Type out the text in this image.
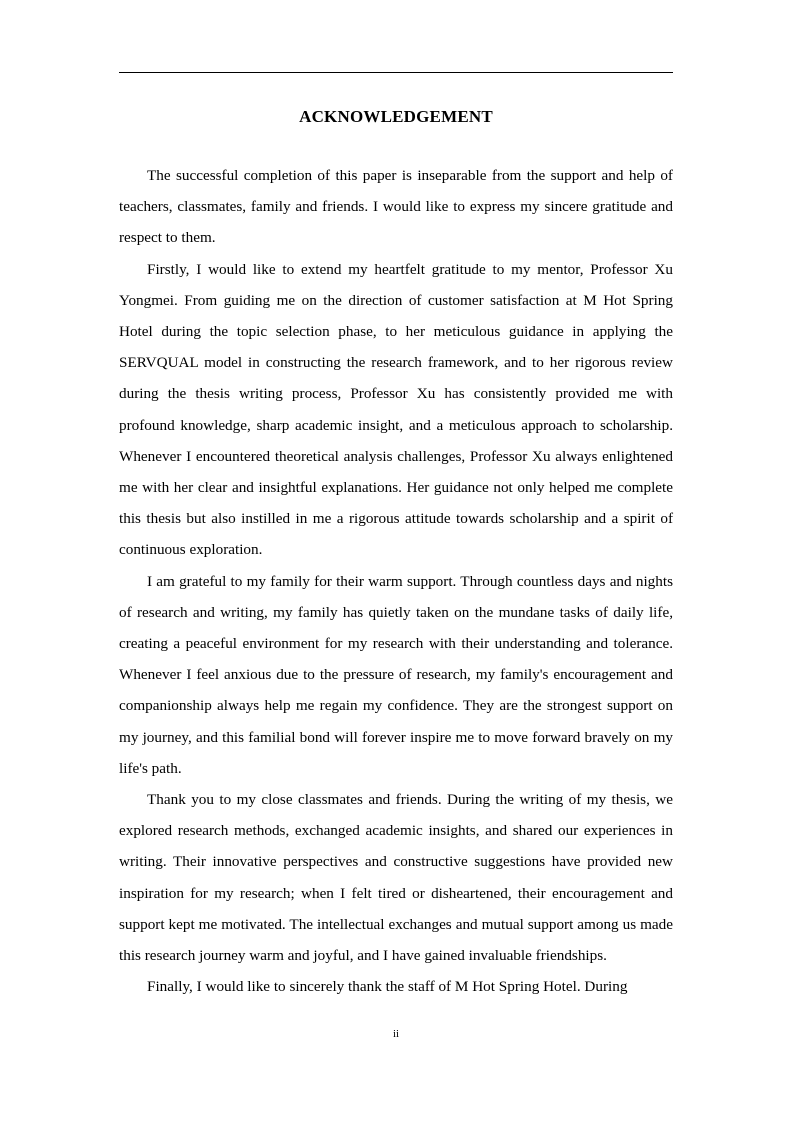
ACKNOWLEDGEMENT

The successful completion of this paper is inseparable from the support and help of teachers, classmates, family and friends. I would like to express my sincere gratitude and respect to them.

Firstly, I would like to extend my heartfelt gratitude to my mentor, Professor Xu Yongmei. From guiding me on the direction of customer satisfaction at M Hot Spring Hotel during the topic selection phase, to her meticulous guidance in applying the SERVQUAL model in constructing the research framework, and to her rigorous review during the thesis writing process, Professor Xu has consistently provided me with profound knowledge, sharp academic insight, and a meticulous approach to scholarship. Whenever I encountered theoretical analysis challenges, Professor Xu always enlightened me with her clear and insightful explanations. Her guidance not only helped me complete this thesis but also instilled in me a rigorous attitude towards scholarship and a spirit of continuous exploration.

I am grateful to my family for their warm support. Through countless days and nights of research and writing, my family has quietly taken on the mundane tasks of daily life, creating a peaceful environment for my research with their understanding and tolerance. Whenever I feel anxious due to the pressure of research, my family's encouragement and companionship always help me regain my confidence. They are the strongest support on my journey, and this familial bond will forever inspire me to move forward bravely on my life's path.

Thank you to my close classmates and friends. During the writing of my thesis, we explored research methods, exchanged academic insights, and shared our experiences in writing. Their innovative perspectives and constructive suggestions have provided new inspiration for my research; when I felt tired or disheartened, their encouragement and support kept me motivated. The intellectual exchanges and mutual support among us made this research journey warm and joyful, and I have gained invaluable friendships.

Finally, I would like to sincerely thank the staff of M Hot Spring Hotel. During

ii
